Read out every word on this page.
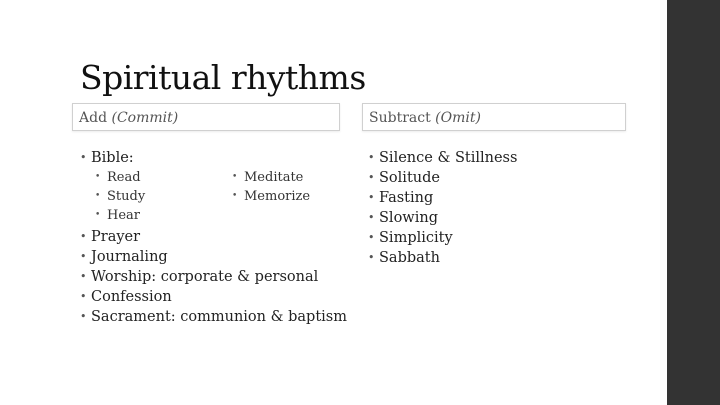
Spiritual rhythms
Add (Commit)	Subtract (Omit)
• Bible:
• Read
• Study
• Hear
• Meditate
• Memorize
• Prayer
• Journaling
• Worship: corporate & personal
• Confession
• Sacrament: communion & baptism
• Silence & Stillness
• Solitude
• Fasting
• Slowing
• Simplicity
• Sabbath
